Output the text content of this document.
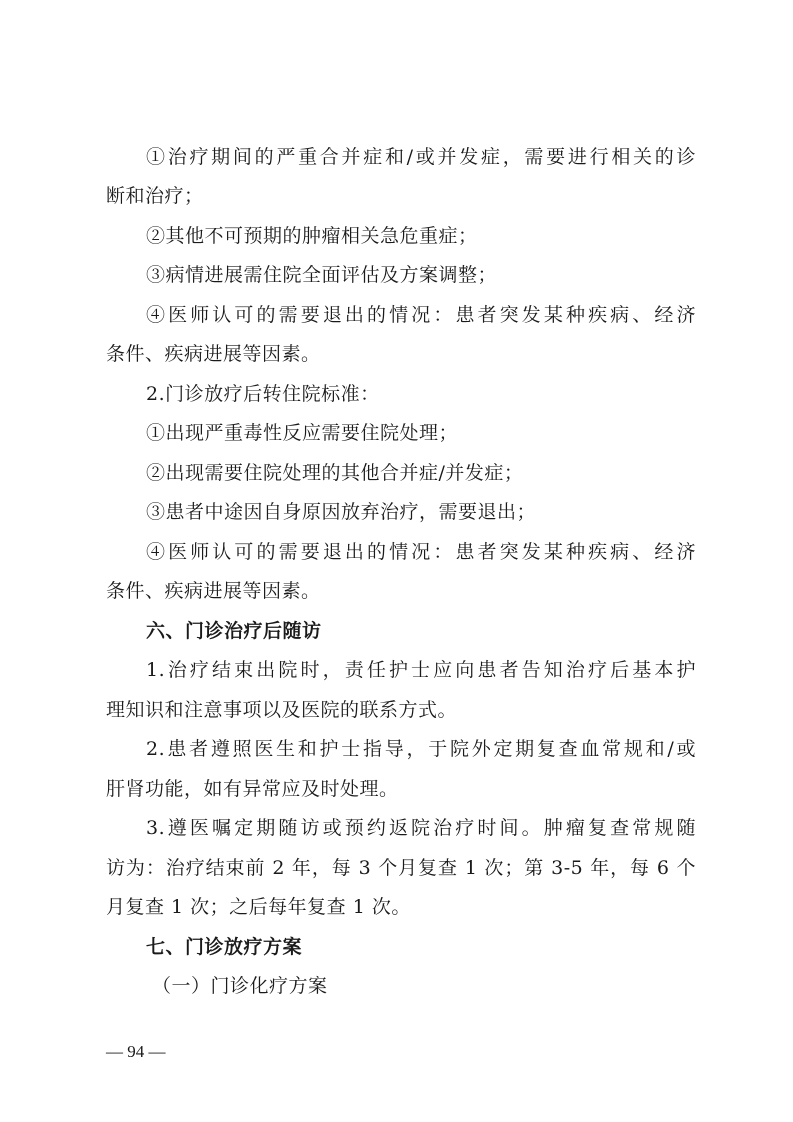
①治疗期间的严重合并症和/或并发症，需要进行相关的诊
断和治疗；
②其他不可预期的肿瘤相关急危重症；
③病情进展需住院全面评估及方案调整；
④医师认可的需要退出的情况：患者突发某种疾病、经济
条件、疾病进展等因素。
2.门诊放疗后转住院标准：
①出现严重毒性反应需要住院处理；
②出现需要住院处理的其他合并症/并发症；
③患者中途因自身原因放弃治疗，需要退出；
④医师认可的需要退出的情况：患者突发某种疾病、经济
条件、疾病进展等因素。
六、门诊治疗后随访
1.治疗结束出院时，责任护士应向患者告知治疗后基本护
理知识和注意事项以及医院的联系方式。
2.患者遵照医生和护士指导，于院外定期复查血常规和/或
肝肾功能，如有异常应及时处理。
3.遵医嘱定期随访或预约返院治疗时间。肿瘤复查常规随
访为：治疗结束前 2 年，每 3 个月复查 1 次；第 3-5 年，每 6 个
月复查 1 次；之后每年复查 1 次。
七、门诊放疗方案
（一）门诊化疗方案
— 94 —
